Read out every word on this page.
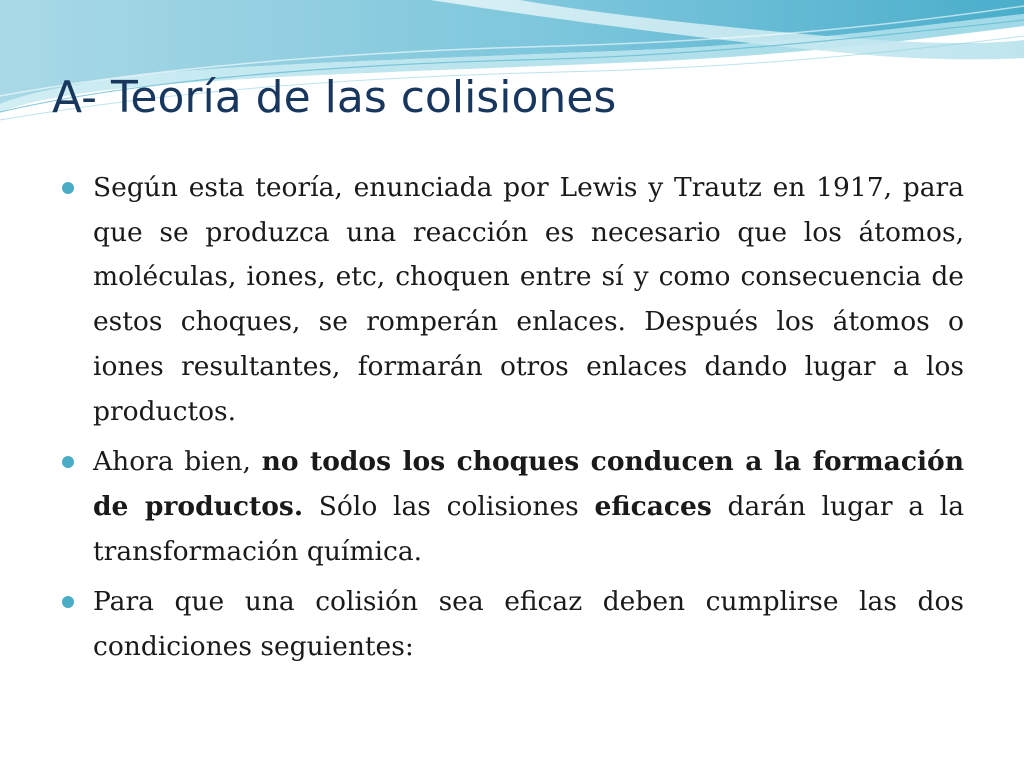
A- Teoría de las colisiones
Según esta teoría, enunciada por Lewis y Trautz en 1917, para que se produzca una reacción es necesario que los átomos, moléculas, iones, etc, choquen entre sí y como consecuencia de estos choques, se romperán enlaces. Después los átomos o iones resultantes, formarán otros enlaces dando lugar a los productos.
Ahora bien, no todos los choques conducen a la formación de productos. Sólo las colisiones eficaces darán lugar a la transformación química.
Para que una colisión sea eficaz deben cumplirse las dos condiciones seguientes:
